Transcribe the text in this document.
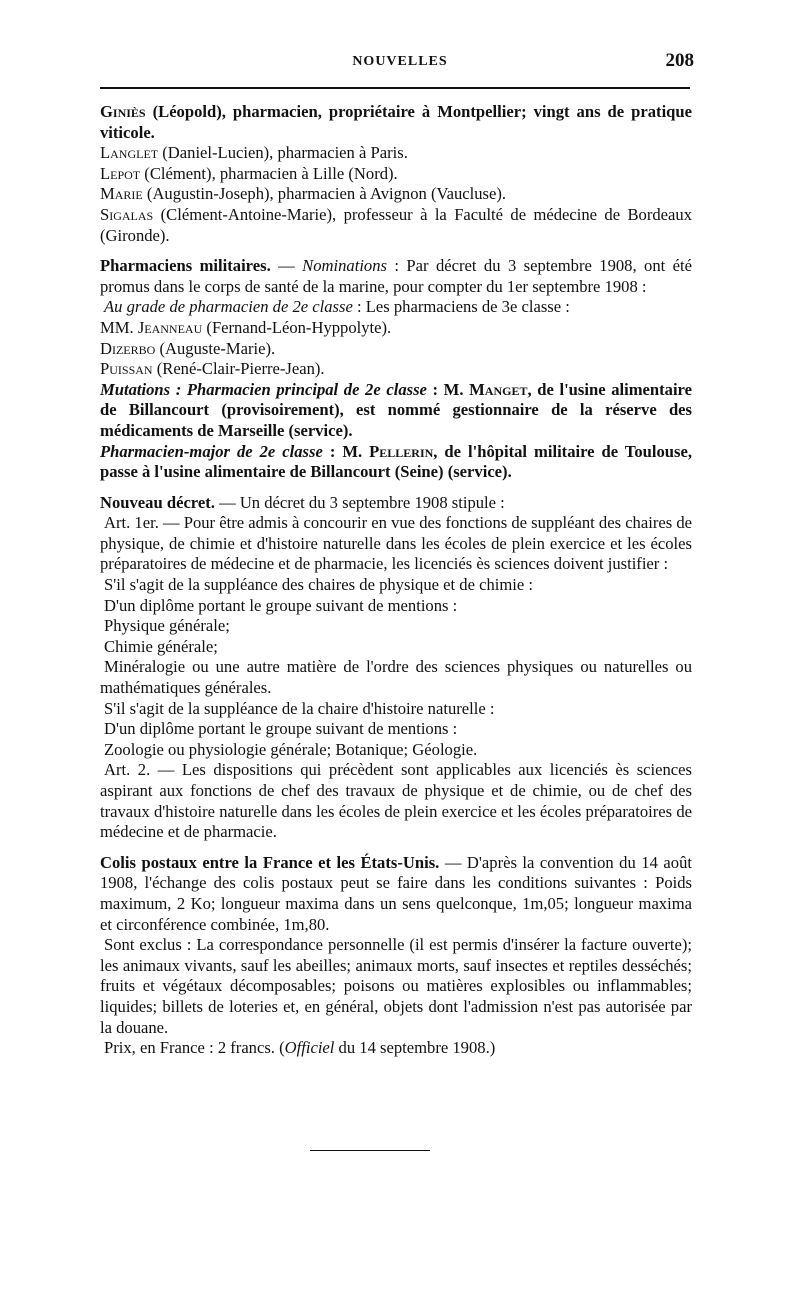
NOUVELLES	208

Giniès (Léopold), pharmacien, propriétaire à Montpellier; vingt ans de pratique viticole.

Langlet (Daniel-Lucien), pharmacien à Paris.

Lepot (Clément), pharmacien à Lille (Nord).

Marie (Augustin-Joseph), pharmacien à Avignon (Vaucluse).

Sigalas (Clément-Antoine-Marie), professeur à la Faculté de médecine de Bordeaux (Gironde).

Pharmaciens militaires. — Nominations : Par décret du 3 septembre 1908, ont été promus dans le corps de santé de la marine, pour compter du 1er septembre 1908 :

Au grade de pharmacien de 2e classe : Les pharmaciens de 3e classe :

MM. Jeanneau (Fernand-Léon-Hyppolyte).

Dizerbo (Auguste-Marie).

Puissan (René-Clair-Pierre-Jean).

Mutations : Pharmacien principal de 2e classe : M. Manget, de l'usine alimentaire de Billancourt (provisoirement), est nommé gestionnaire de la réserve des médicaments de Marseille (service).

Pharmacien-major de 2e classe : M. Pellerin, de l'hôpital militaire de Toulouse, passe à l'usine alimentaire de Billancourt (Seine) (service).

Nouveau décret. — Un décret du 3 septembre 1908 stipule :

Art. 1er. — Pour être admis à concourir en vue des fonctions de suppléant des chaires de physique, de chimie et d'histoire naturelle dans les écoles de plein exercice et les écoles préparatoires de médecine et de pharmacie, les licenciés ès sciences doivent justifier :

S'il s'agit de la suppléance des chaires de physique et de chimie :

D'un diplôme portant le groupe suivant de mentions :

Physique générale;

Chimie générale;

Minéralogie ou une autre matière de l'ordre des sciences physiques ou naturelles ou mathématiques générales.

S'il s'agit de la suppléance de la chaire d'histoire naturelle :

D'un diplôme portant le groupe suivant de mentions :

Zoologie ou physiologie générale; Botanique; Géologie.

Art. 2. — Les dispositions qui précèdent sont applicables aux licenciés ès sciences aspirant aux fonctions de chef des travaux de physique et de chimie, ou de chef des travaux d'histoire naturelle dans les écoles de plein exercice et les écoles préparatoires de médecine et de pharmacie.

Colis postaux entre la France et les États-Unis. — D'après la convention du 14 août 1908, l'échange des colis postaux peut se faire dans les conditions suivantes : Poids maximum, 2 Ko; longueur maxima dans un sens quelconque, 1m,05; longueur maxima et circonférence combinée, 1m,80.

Sont exclus : La correspondance personnelle (il est permis d'insérer la facture ouverte); les animaux vivants, sauf les abeilles; animaux morts, sauf insectes et reptiles desséchés; fruits et végétaux décomposables; poisons ou matières explosibles ou inflammables; liquides; billets de loteries et, en général, objets dont l'admission n'est pas autorisée par la douane.

Prix, en France : 2 francs. (Officiel du 14 septembre 1908.)
